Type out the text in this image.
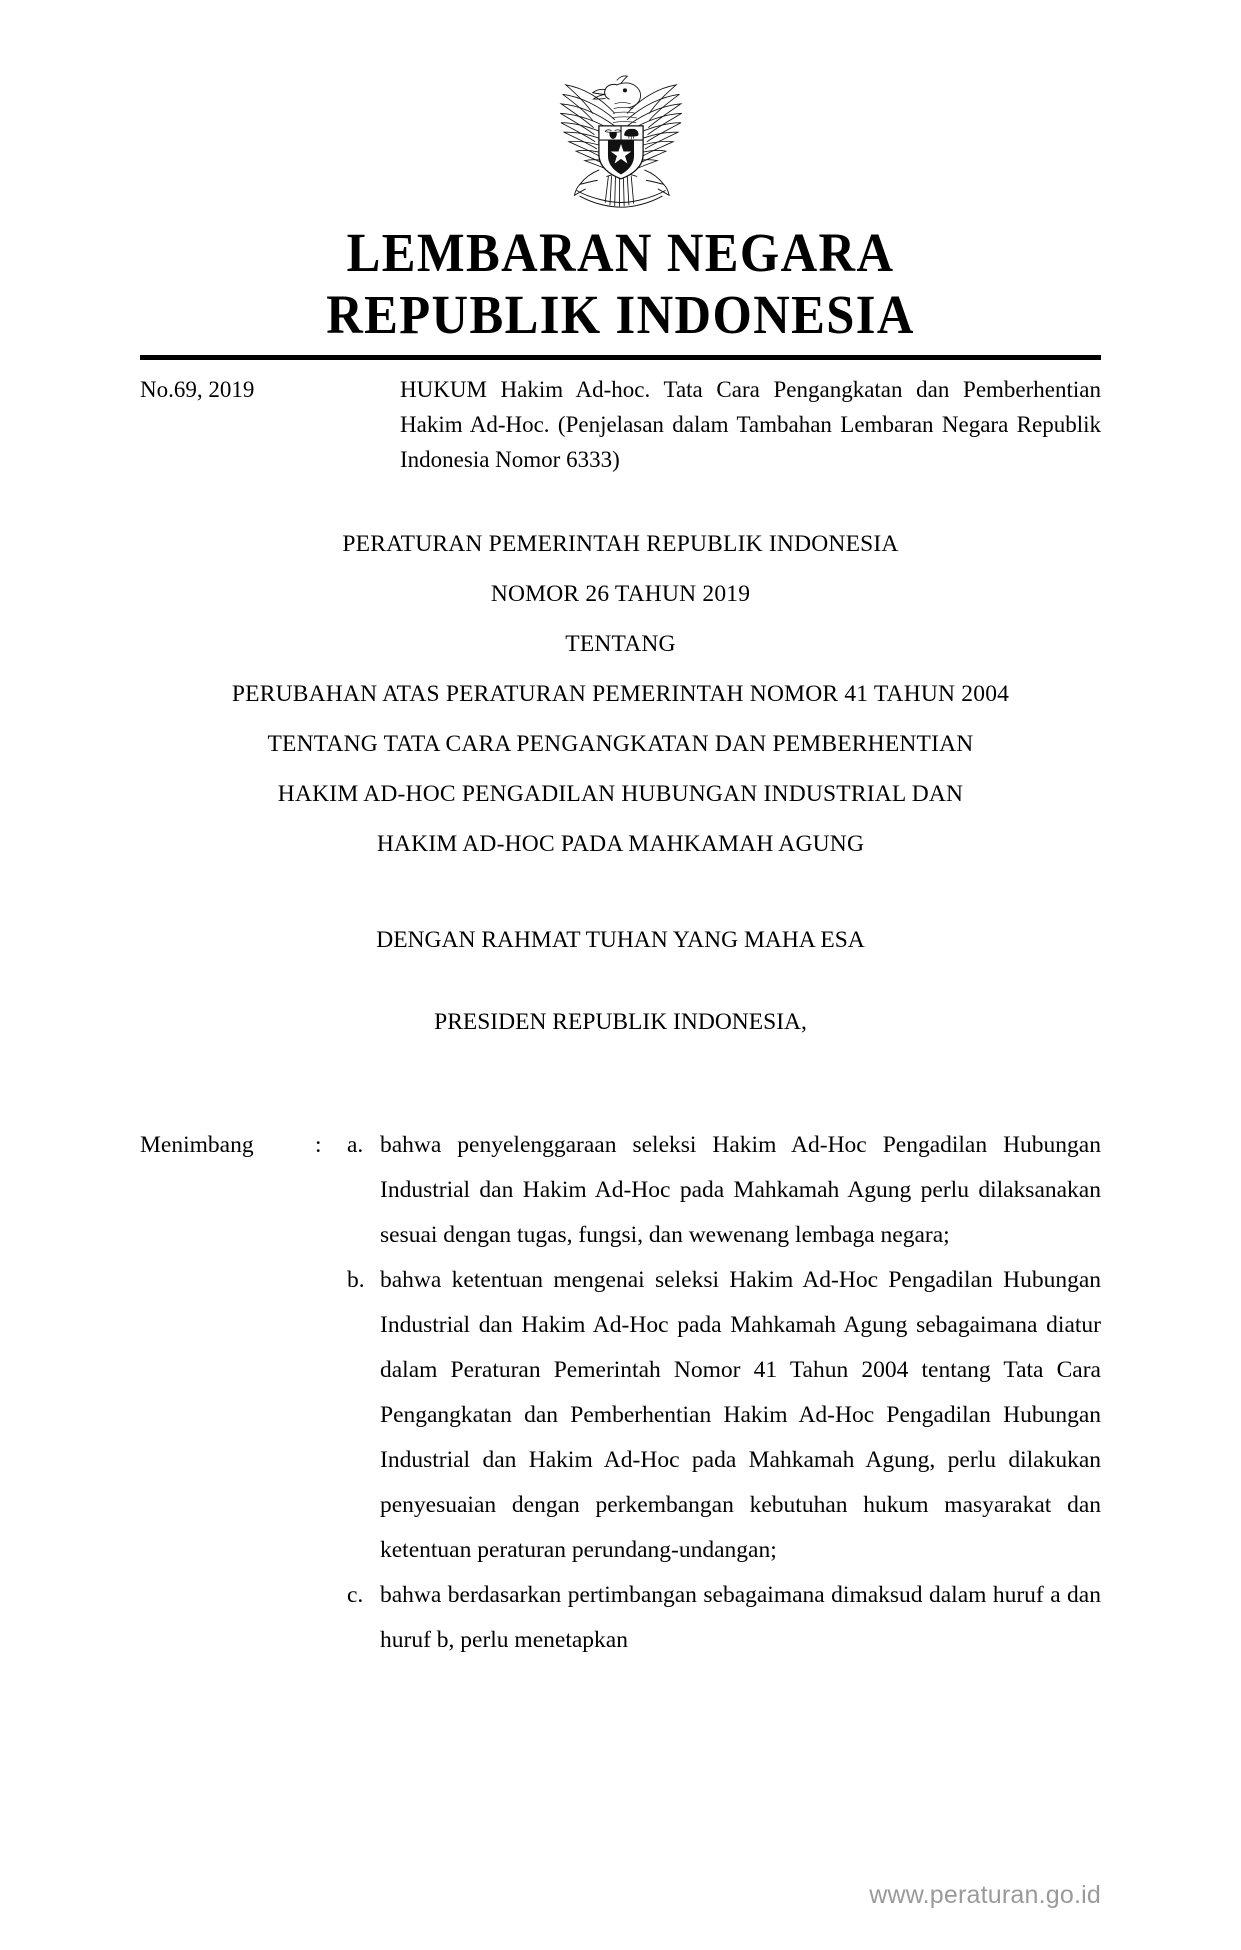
LEMBARAN NEGARA
REPUBLIK INDONESIA
No.69, 2019	HUKUM Hakim Ad-hoc. Tata Cara Pengangkatan dan Pemberhentian Hakim Ad-Hoc. (Penjelasan dalam Tambahan Lembaran Negara Republik Indonesia Nomor 6333)
PERATURAN PEMERINTAH REPUBLIK INDONESIA
NOMOR 26 TAHUN 2019
TENTANG
PERUBAHAN ATAS PERATURAN PEMERINTAH NOMOR 41 TAHUN 2004
TENTANG TATA CARA PENGANGKATAN DAN PEMBERHENTIAN
HAKIM AD-HOC PENGADILAN HUBUNGAN INDUSTRIAL DAN
HAKIM AD-HOC PADA MAHKAMAH AGUNG
DENGAN RAHMAT TUHAN YANG MAHA ESA
PRESIDEN REPUBLIK INDONESIA,
Menimbang	:	a. bahwa penyelenggaraan seleksi Hakim Ad-Hoc Pengadilan Hubungan Industrial dan Hakim Ad-Hoc pada Mahkamah Agung perlu dilaksanakan sesuai dengan tugas, fungsi, dan wewenang lembaga negara;
b. bahwa ketentuan mengenai seleksi Hakim Ad-Hoc Pengadilan Hubungan Industrial dan Hakim Ad-Hoc pada Mahkamah Agung sebagaimana diatur dalam Peraturan Pemerintah Nomor 41 Tahun 2004 tentang Tata Cara Pengangkatan dan Pemberhentian Hakim Ad-Hoc Pengadilan Hubungan Industrial dan Hakim Ad-Hoc pada Mahkamah Agung, perlu dilakukan penyesuaian dengan perkembangan kebutuhan hukum masyarakat dan ketentuan peraturan perundang-undangan;
c. bahwa berdasarkan pertimbangan sebagaimana dimaksud dalam huruf a dan huruf b, perlu menetapkan
www.peraturan.go.id
